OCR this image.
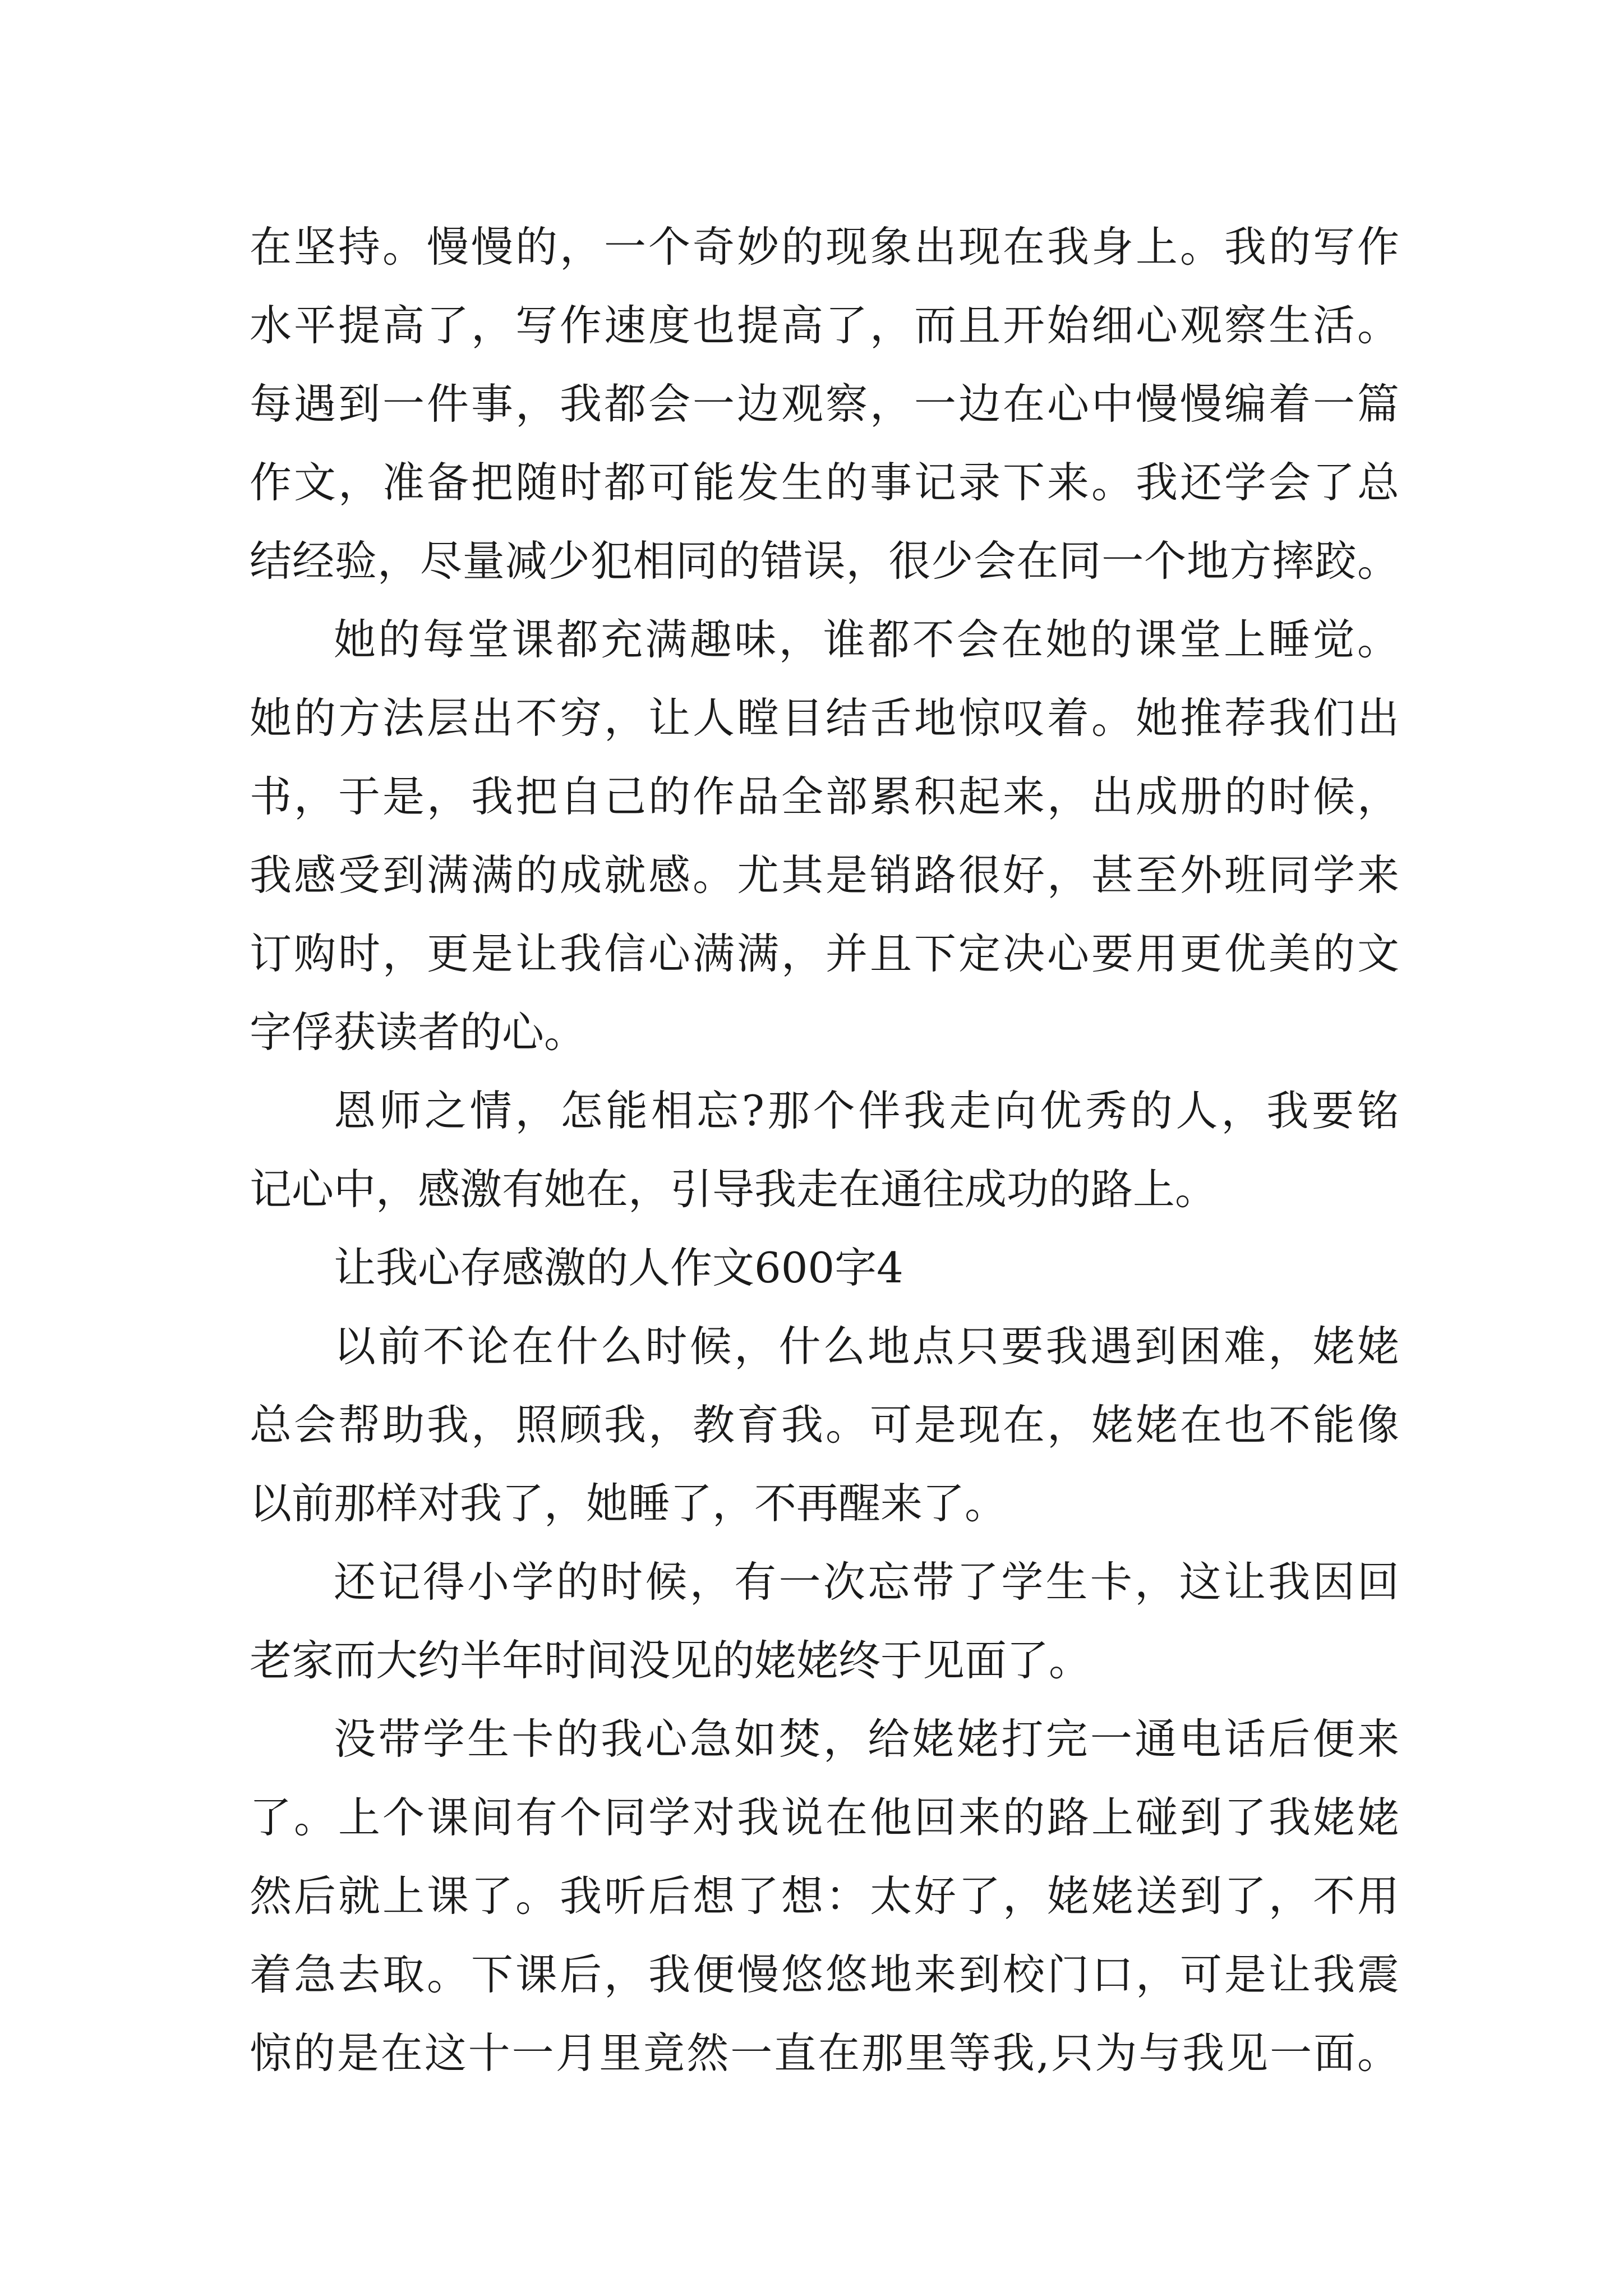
在坚持。慢慢的，一个奇妙的现象出现在我身上。我的写作
水平提高了，写作速度也提高了，而且开始细心观察生活。
每遇到一件事，我都会一边观察，一边在心中慢慢编着一篇
作文，准备把随时都可能发生的事记录下来。我还学会了总
结经验，尽量减少犯相同的错误，很少会在同一个地方摔跤。
她的每堂课都充满趣味，谁都不会在她的课堂上睡觉。
她的方法层出不穷，让人瞠目结舌地惊叹着。她推荐我们出
书，于是，我把自己的作品全部累积起来，出成册的时候，
我感受到满满的成就感。尤其是销路很好，甚至外班同学来
订购时，更是让我信心满满，并且下定决心要用更优美的文
字俘获读者的心。
恩师之情，怎能相忘?那个伴我走向优秀的人，我要铭
记心中，感激有她在，引导我走在通往成功的路上。
让我心存感激的人作文600字4
以前不论在什么时候，什么地点只要我遇到困难，姥姥
总会帮助我，照顾我，教育我。可是现在，姥姥在也不能像
以前那样对我了，她睡了，不再醒来了。
还记得小学的时候，有一次忘带了学生卡，这让我因回
老家而大约半年时间没见的姥姥终于见面了。
没带学生卡的我心急如焚，给姥姥打完一通电话后便来
了。上个课间有个同学对我说在他回来的路上碰到了我姥姥
然后就上课了。我听后想了想：太好了，姥姥送到了，不用
着急去取。下课后，我便慢悠悠地来到校门口，可是让我震
惊的是在这十一月里竟然一直在那里等我,只为与我见一面。
